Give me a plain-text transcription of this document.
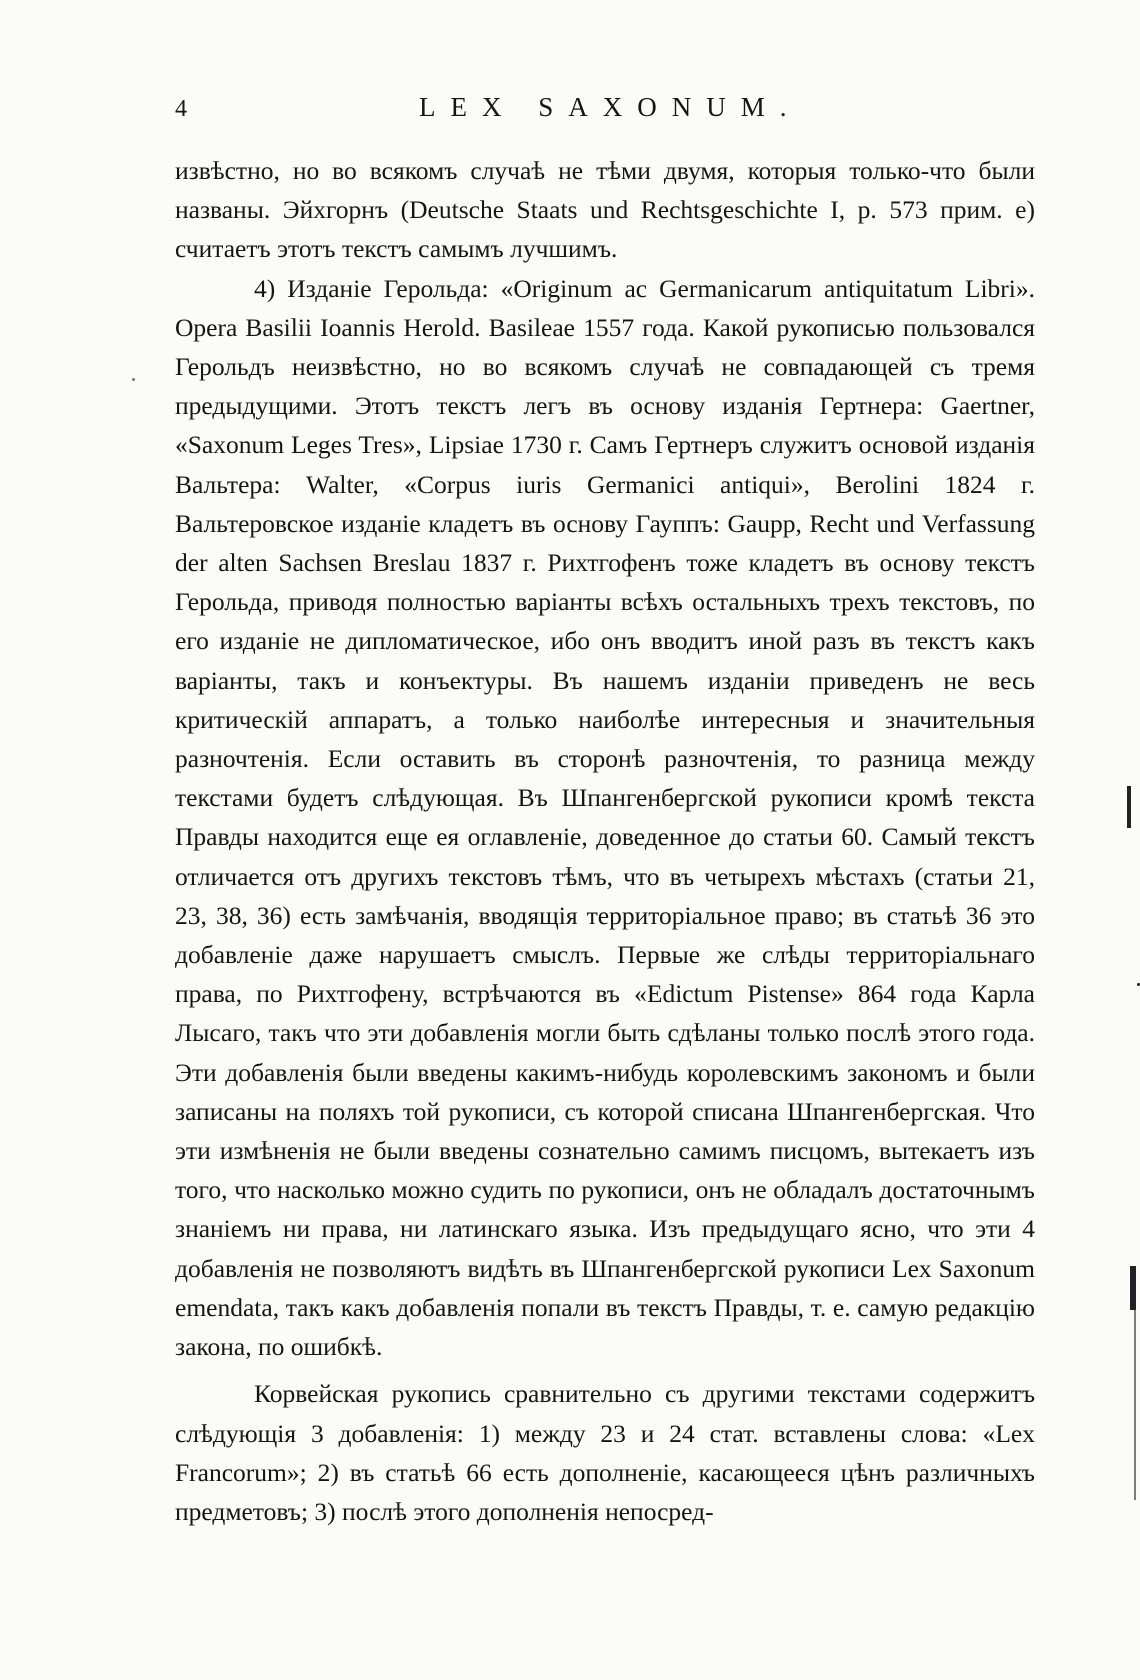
4	LEX SAXONUM.

извѣстно, но во всякомъ случаѣ не тѣми двумя, которыя только-что были названы. Эйхгорнъ (Deutsche Staats und Rechtsgeschichte I, p. 573 прим. e) считаетъ этотъ текстъ самымъ лучшимъ.

4) Изданіе Герольда: «Originum ac Germanicarum antiquitatum Libri». Opera Basilii Ioannis Herold. Basileae 1557 года. Какой рукописью пользовался Герольдъ неизвѣстно, но во всякомъ случаѣ не совпадающей съ тремя предыдущими. Этотъ текстъ легъ въ основу изданія Гертнера: Gaertner, «Saxonum Leges Tres», Lipsiae 1730 г. Самъ Гертнеръ служитъ основой изданія Вальтера: Walter, «Corpus iuris Germanici antiqui», Berolini 1824 г. Вальтеровское изданіе кладетъ въ основу Гауппъ: Gaupp, Recht und Verfassung der alten Sachsen Breslau 1837 г. Рихтгофенъ тоже кладетъ въ основу текстъ Герольда, приводя полностью варіанты всѣхъ остальныхъ трехъ текстовъ, по его изданіе не дипломатическое, ибо онъ вводитъ иной разъ въ текстъ какъ варіанты, такъ и конъектуры. Въ нашемъ изданіи приведенъ не весь критическій аппаратъ, а только наиболѣе интересныя и значительныя разночтенія. Если оставить въ сторонѣ разночтенія, то разница между текстами будетъ слѣдующая. Въ Шпангенбергской рукописи кромѣ текста Правды находится еще ея оглавленіе, доведенное до статьи 60. Самый текстъ отличается отъ другихъ текстовъ тѣмъ, что въ четырехъ мѣстахъ (статьи 21, 23, 38, 36) есть замѣчанія, вводящія территоріальное право; въ статьѣ 36 это добавленіе даже нарушаетъ смыслъ. Первые же слѣды территоріальнаго права, по Рихтгофену, встрѣчаются въ «Edictum Pistense» 864 года Карла Лысаго, такъ что эти добавленія могли быть сдѣланы только послѣ этого года. Эти добавленія были введены какимъ-нибудь королевскимъ закономъ и были записаны на поляхъ той рукописи, съ которой списана Шпангенбергская. Что эти измѣненія не были введены сознательно самимъ писцомъ, вытекаетъ изъ того, что насколько можно судить по рукописи, онъ не обладалъ достаточнымъ знаніемъ ни права, ни латинскаго языка. Изъ предыдущаго ясно, что эти 4 добавленія не позволяютъ видѣть въ Шпангенбергской рукописи Lex Saxonum emendata, такъ какъ добавленія попали въ текстъ Правды, т. е. самую редакцію закона, по ошибкѣ.

Корвейская рукопись сравнительно съ другими текстами содержитъ слѣдующія 3 добавленія: 1) между 23 и 24 стат. вставлены слова: «Lex Francorum»; 2) въ статьѣ 66 есть дополненіе, касающееся цѣнъ различныхъ предметовъ; 3) послѣ этого дополненія непосред-
